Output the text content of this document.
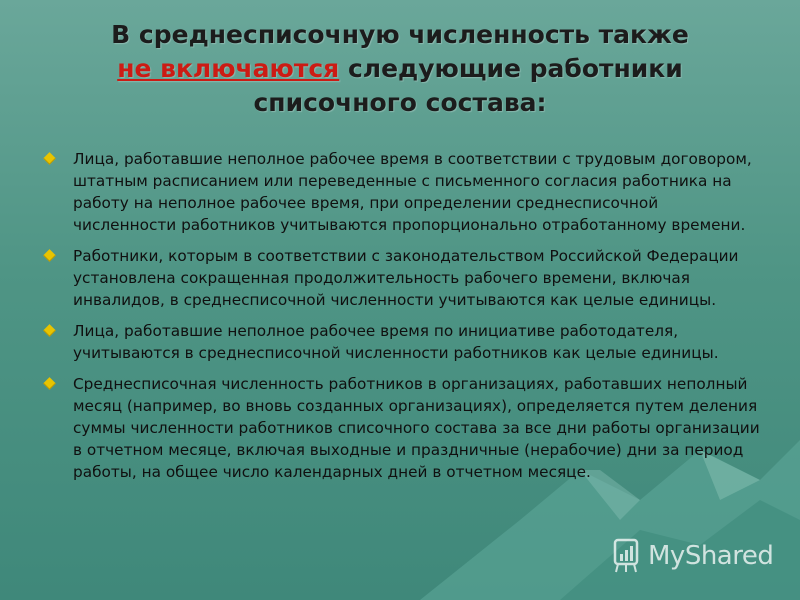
В среднесписочную численность также
не включаются следующие работники
списочного состава:
Лица, работавшие неполное рабочее время в соответствии с трудовым договором, штатным расписанием или переведенные с письменного согласия работника на работу на неполное рабочее время, при определении среднесписочной численности работников учитываются пропорционально отработанному времени.
Работники, которым в соответствии с законодательством Российской Федерации установлена сокращенная продолжительность рабочего времени, включая инвалидов, в среднесписочной численности учитываются как целые единицы.
Лица, работавшие неполное рабочее время по инициативе работодателя, учитываются в среднесписочной численности работников как целые единицы.
Среднесписочная численность работников в организациях, работавших неполный месяц (например, во вновь созданных организациях), определяется путем деления суммы численности работников списочного состава за все дни работы организации в отчетном месяце, включая выходные и праздничные (нерабочие) дни за период работы, на общее число календарных дней в отчетном месяце.
MyShared
